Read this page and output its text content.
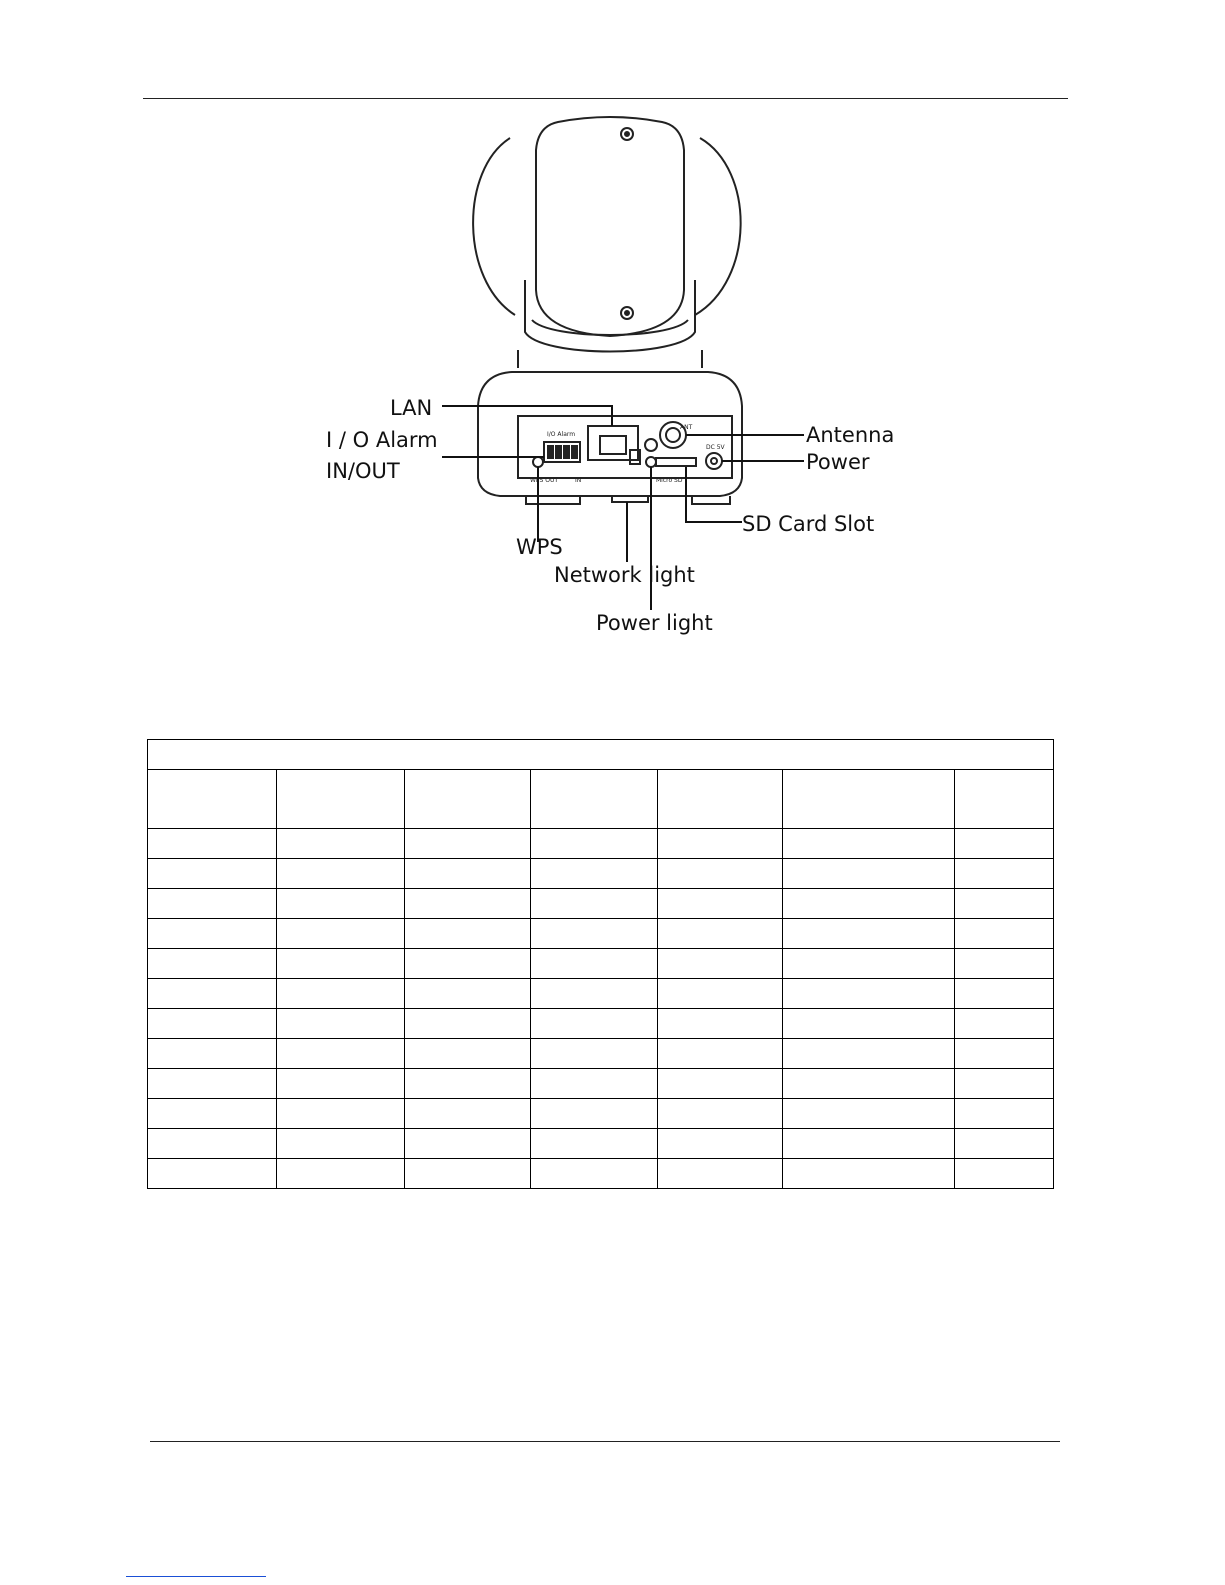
I/O Alarm
WPS OUT	IN
ANT
DC 5V
Micro SD
LAN
I / O Alarm
IN/OUT
WPS
Network light
Power light
Antenna
Power
SD Card Slot
